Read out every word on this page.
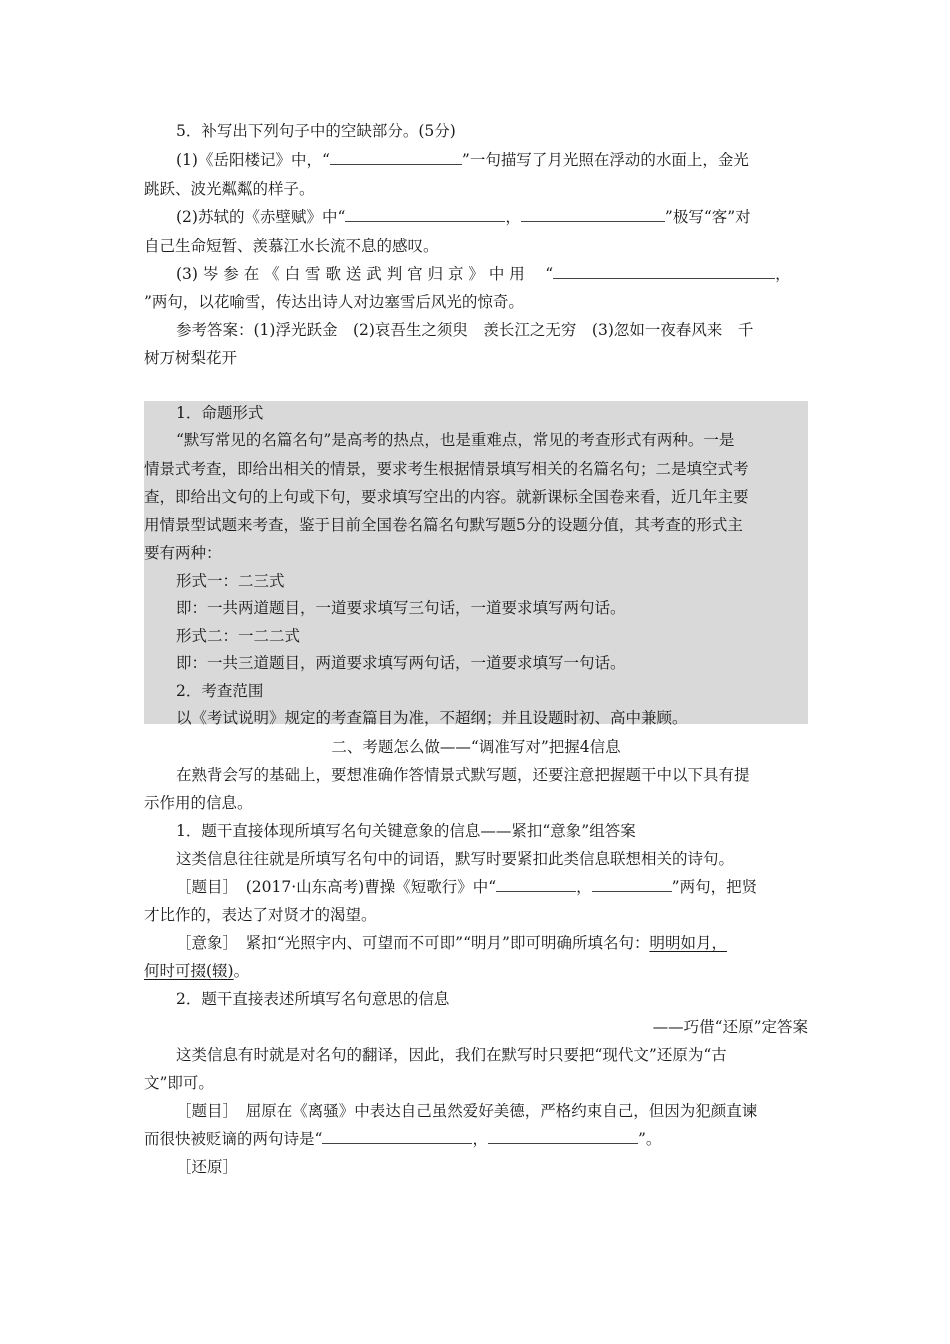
5．补写出下列句子中的空缺部分。(5分)
(1)《岳阳楼记》中，“	”一句描写了月光照在浮动的水面上，金光
跳跃、波光粼粼的样子。
(2)苏轼的《赤壁赋》中“	，	”极写“客”对
自己生命短暂、羡慕江水长流不息的感叹。
(3) 岑 参 在 《 白 雪 歌 送 武 判 官 归 京 》 中 用 　“	，
”两句，以花喻雪，传达出诗人对边塞雪后风光的惊奇。
参考答案：(1)浮光跃金　(2)哀吾生之须臾　羡长江之无穷　(3)忽如一夜春风来　千
树万树梨花开
1．命题形式
“默写常见的名篇名句”是高考的热点，也是重难点，常见的考查形式有两种。一是
情景式考查，即给出相关的情景，要求考生根据情景填写相关的名篇名句；二是填空式考
查，即给出文句的上句或下句，要求填写空出的内容。就新课标全国卷来看，近几年主要
用情景型试题来考查，鉴于目前全国卷名篇名句默写题5分的设题分值，其考查的形式主
要有两种：
形式一：二三式
即：一共两道题目，一道要求填写三句话，一道要求填写两句话。
形式二：一二二式
即：一共三道题目，两道要求填写两句话，一道要求填写一句话。
2．考查范围
以《考试说明》规定的考查篇目为准，不超纲；并且设题时初、高中兼顾。
二、考题怎么做——“调准写对”把握4信息
在熟背会写的基础上，要想准确作答情景式默写题，还要注意把握题干中以下具有提
示作用的信息。
1．题干直接体现所填写名句关键意象的信息——紧扣“意象”组答案
这类信息往往就是所填写名句中的词语，默写时要紧扣此类信息联想相关的诗句。
［题目］　(2017·山东高考)曹操《短歌行》中“	，	”两句，把贤
才比作的，表达了对贤才的渴望。
［意象］　紧扣“光照宇内、可望而不可即”“明月”即可明确所填名句：明明如月，
何时可掇(辍)。
2．题干直接表述所填写名句意思的信息
——巧借“还原”定答案
这类信息有时就是对名句的翻译，因此，我们在默写时只要把“现代文”还原为“古
文”即可。
［题目］　屈原在《离骚》中表达自己虽然爱好美德，严格约束自己，但因为犯颜直谏
而很快被贬谪的两句诗是“	，	”。
［还原］
